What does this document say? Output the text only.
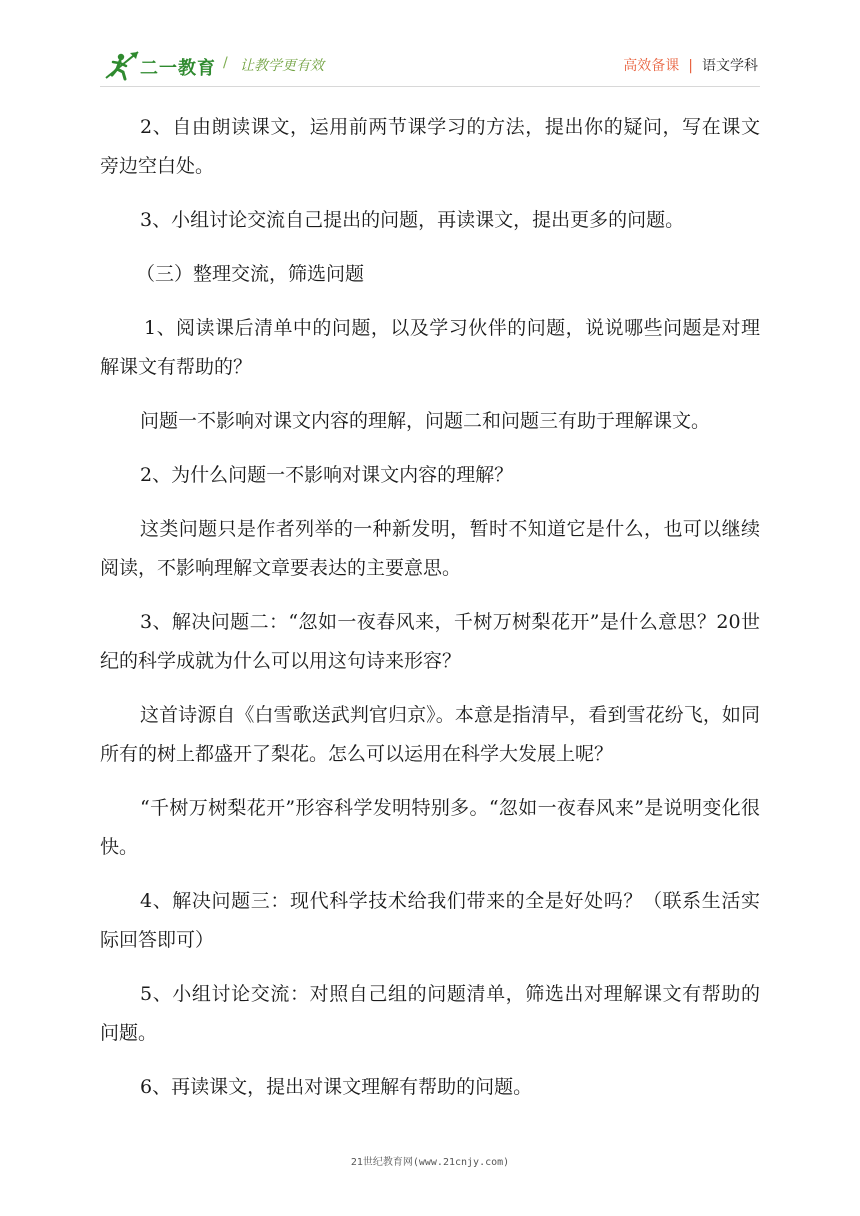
二一教育 / 让教学更有效	高效备课 | 语文学科

2、自由朗读课文，运用前两节课学习的方法，提出你的疑问，写在课文旁边空白处。

3、小组讨论交流自己提出的问题，再读课文，提出更多的问题。

（三）整理交流，筛选问题

1、阅读课后清单中的问题，以及学习伙伴的问题，说说哪些问题是对理解课文有帮助的？

问题一不影响对课文内容的理解，问题二和问题三有助于理解课文。

2、为什么问题一不影响对课文内容的理解？

这类问题只是作者列举的一种新发明，暂时不知道它是什么，也可以继续阅读，不影响理解文章要表达的主要意思。

3、解决问题二：“忽如一夜春风来，千树万树梨花开”是什么意思？20世纪的科学成就为什么可以用这句诗来形容？

这首诗源自《白雪歌送武判官归京》。本意是指清早，看到雪花纷飞，如同所有的树上都盛开了梨花。怎么可以运用在科学大发展上呢？

“千树万树梨花开”形容科学发明特别多。“忽如一夜春风来”是说明变化很快。

4、解决问题三：现代科学技术给我们带来的全是好处吗？（联系生活实际回答即可）

5、小组讨论交流：对照自己组的问题清单，筛选出对理解课文有帮助的问题。

6、再读课文，提出对课文理解有帮助的问题。

21世纪教育网(www.21cnjy.com)
